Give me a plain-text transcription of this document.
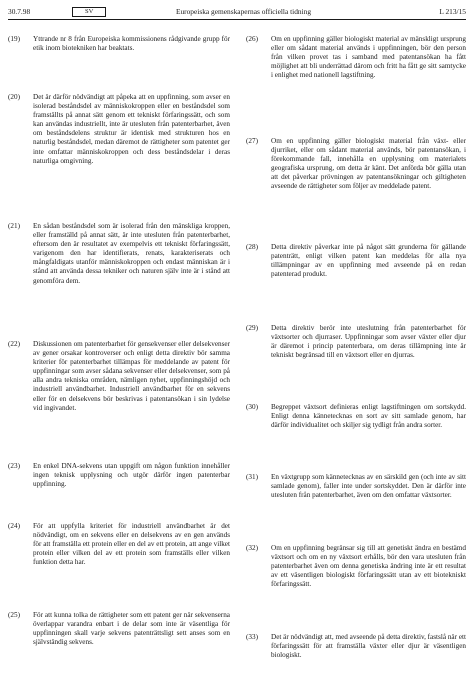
30.7.98	SV	Europeiska gemenskapernas officiella tidning	L 213/15
(19)	Yttrande nr 8 från Europeiska kommissionens rådgivande grupp för etik inom biotekniken har beaktats.
(20)	Det är därför nödvändigt att påpeka att en uppfinning, som avser en isolerad beståndsdel av människokroppen eller en beståndsdel som framställts på annat sätt genom ett tekniskt förfaringssätt, och som kan användas industriellt, inte är utesluten från patenterbarhet, även om beståndsdelens struktur är identisk med strukturen hos en naturlig beståndsdel, medan däremot de rättigheter som patentet ger inte omfattar människokroppen och dess beståndsdelar i deras naturliga omgivning.
(21)	En sådan beståndsdel som är isolerad från den mänskliga kroppen, eller framställd på annat sätt, är inte utesluten från patenterbarhet, eftersom den är resultatet av exempelvis ett tekniskt förfaringssätt, varigenom den har identifierats, renats, karakteriserats och mångfaldigats utanför människokroppen och endast människan är i stånd att använda dessa tekniker och naturen själv inte är i stånd att genomföra dem.
(22)	Diskussionen om patenterbarhet för gensekvenser eller delsekvenser av gener orsakar kontroverser och enligt detta direktiv bör samma kriterier för patenterbarhet tillämpas för meddelande av patent för uppfinningar som avser sådana sekvenser eller delsekvenser, som på alla andra tekniska områden, nämligen nyhet, uppfinningshöjd och industriell användbarhet. Industriell användbarhet för en sekvens eller för en delsekvens bör beskrivas i patentansökan i sin lydelse vid ingivandet.
(23)	En enkel DNA-sekvens utan uppgift om någon funktion innehåller ingen teknisk upplysning och utgör därför ingen patenterbar uppfinning.
(24)	För att uppfylla kriteriet för industriell användbarhet är det nödvändigt, om en sekvens eller en delsekvens av en gen används för att framställa ett protein eller en del av ett protein, att ange vilket protein eller vilken del av ett protein som framställs eller vilken funktion detta har.
(25)	För att kunna tolka de rättigheter som ett patent ger när sekvenserna överlappar varandra enbart i de delar som inte är väsentliga för uppfinningen skall varje sekvens patenträttsligt sett anses som en självständig sekvens.
(26)	Om en uppfinning gäller biologiskt material av mänskligt ursprung eller om sådant material används i uppfinningen, bör den person från vilken provet tas i samband med patentansökan ha fått möjlighet att bli underrättad därom och fritt ha fått ge sitt samtycke i enlighet med nationell lagstiftning.
(27)	Om en uppfinning gäller biologiskt material från växt- eller djurriket, eller om sådant material används, bör patentansökan, i förekommande fall, innehålla en upplysning om materialets geografiska ursprung, om detta är känt. Det anförda bör gälla utan att det påverkar prövningen av patentansökningar och giltigheten avseende de rättigheter som följer av meddelade patent.
(28)	Detta direktiv påverkar inte på något sätt grunderna för gällande patenträtt, enligt vilken patent kan meddelas för alla nya tillämpningar av en uppfinning med avseende på en redan patenterad produkt.
(29)	Detta direktiv berör inte uteslutning från patenterbarhet för växtsorter och djurraser. Uppfinningar som avser växter eller djur är däremot i princip patenterbara, om deras tillämpning inte är tekniskt begränsad till en växtsort eller en djurras.
(30)	Begreppet växtsort definieras enligt lagstiftningen om sortskydd. Enligt denna kännetecknas en sort av sitt samlade genom, har därför individualitet och skiljer sig tydligt från andra sorter.
(31)	En växtgrupp som kännetecknas av en särskild gen (och inte av sitt samlade genom), faller inte under sortskyddet. Den är därför inte utesluten från patenterbarhet, även om den omfattar växtsorter.
(32)	Om en uppfinning begränsar sig till att genetiskt ändra en bestämd växtsort och om en ny växtsort erhålls, bör den vara utesluten från patenterbarhet även om denna genetiska ändring inte är ett resultat av ett väsentligen biologiskt förfaringssätt utan av ett biotekniskt förfaringssätt.
(33)	Det är nödvändigt att, med avseende på detta direktiv, fastslå när ett förfaringssätt för att framställa växter eller djur är väsentligen biologiskt.
